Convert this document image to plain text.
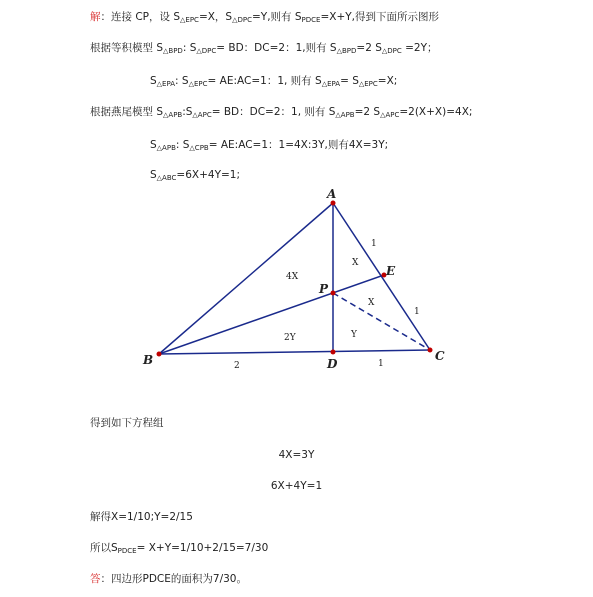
解：连接 CP，设 S△EPC=X，S△DPC=Y,则有 SPDCE=X+Y,得到下面所示图形
根据等积模型 S△BPD: S△DPC= BD：DC=2：1,则有 S△BPD=2 S△DPC =2Y；
S△EPA: S△EPC= AE:AC=1：1, 则有 S△EPA= S△EPC=X;
根据燕尾模型 S△APB:S△APC= BD：DC=2：1, 则有 S△APB=2 S△APC=2(X+X)=4X;
S△APB: S△CPB= AE:AC=1：1=4X:3Y,则有4X=3Y;
S△ABC=6X+4Y=1;
A
B	C
D
E
P
4X
X
X
2Y	Y
1
1
2	1
得到如下方程组
4X=3Y
6X+4Y=1
解得X=1/10;Y=2/15
所以SPDCE= X+Y=1/10+2/15=7/30
答：四边形PDCE的面积为7/30。
